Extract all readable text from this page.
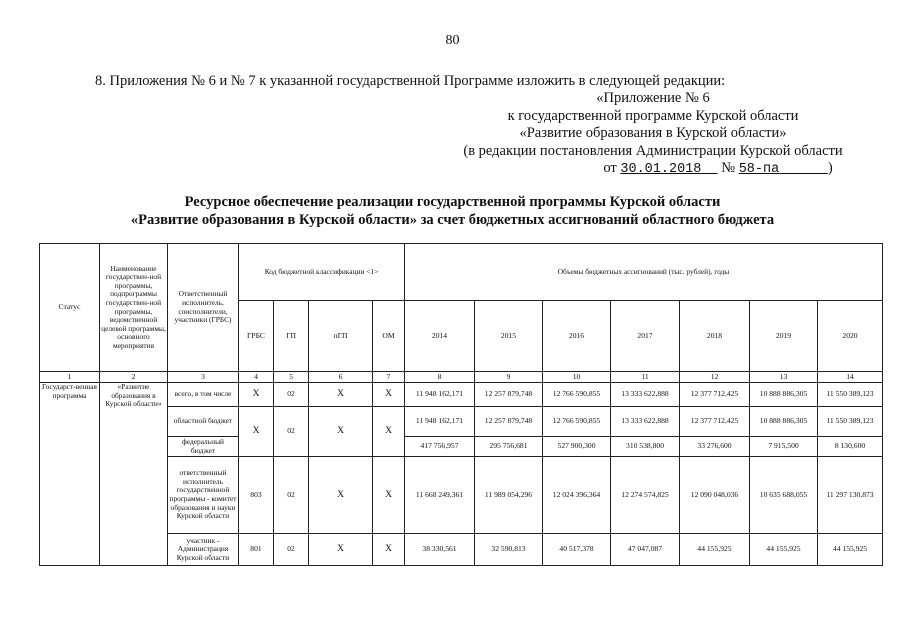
80
8. Приложения № 6 и № 7 к указанной государственной Программе изложить в следующей редакции:
«Приложение № 6
к государственной программе Курской области
«Развитие образования в Курской области»
(в редакции постановления Администрации Курской области
от 30.01.2018 № 58-па	)
Ресурсное обеспечение реализации государственной программы Курской области
«Развитие образования в Курской области» за счет бюджетных ассигнований областного бюджета
Статус	Наименование государствен-ной программы, подпрограммы государствен-ной программы, ведомственной целевой программы, основного мероприятия	Ответственный исполнитель, соисполнители, участники (ГРБС)	Код бюджетной классификации <1>				Объемы бюджетных ассигнований (тыс. рублей), годы						
			ГРБС	ГП	пГП	ОМ	2014	2015	2016	2017	2018	2019	2020
1	2	3	4	5	6	7	8	9	10	11	12	13	14
Государст-венная программа	«Развитие образования в Курской области»	всего, в том числе	X	02	X	X	11 948 162,171	12 257 879,748	12 766 590,855	13 333 622,888	12 377 712,425	10 888 886,305	11 550 389,123
		областной бюджет	X	02	X	X	11 948 162,171	12 257 879,748	12 766 590,855	13 333 622,888	12 377 712,425	10 888 886,305	11 550 389,123
		федеральный бюджет					417 756,957	295 756,681	527 900,300	310 538,800	33 276,600	7 915,500	8 130,600
		ответственный исполнитель государственной программы - комитет образования и науки Курской области	803	02	X	X	11 668 249,361	11 989 054,296	12 024 396,364	12 274 574,825	12 090 048,036	10 635 688,055	11 297 130,873
		участник - Администрация Курской области	801	02	X	X	38 330,561	32 590,813	40 517,378	47 047,087	44 155,925	44 155,925	44 155,925
